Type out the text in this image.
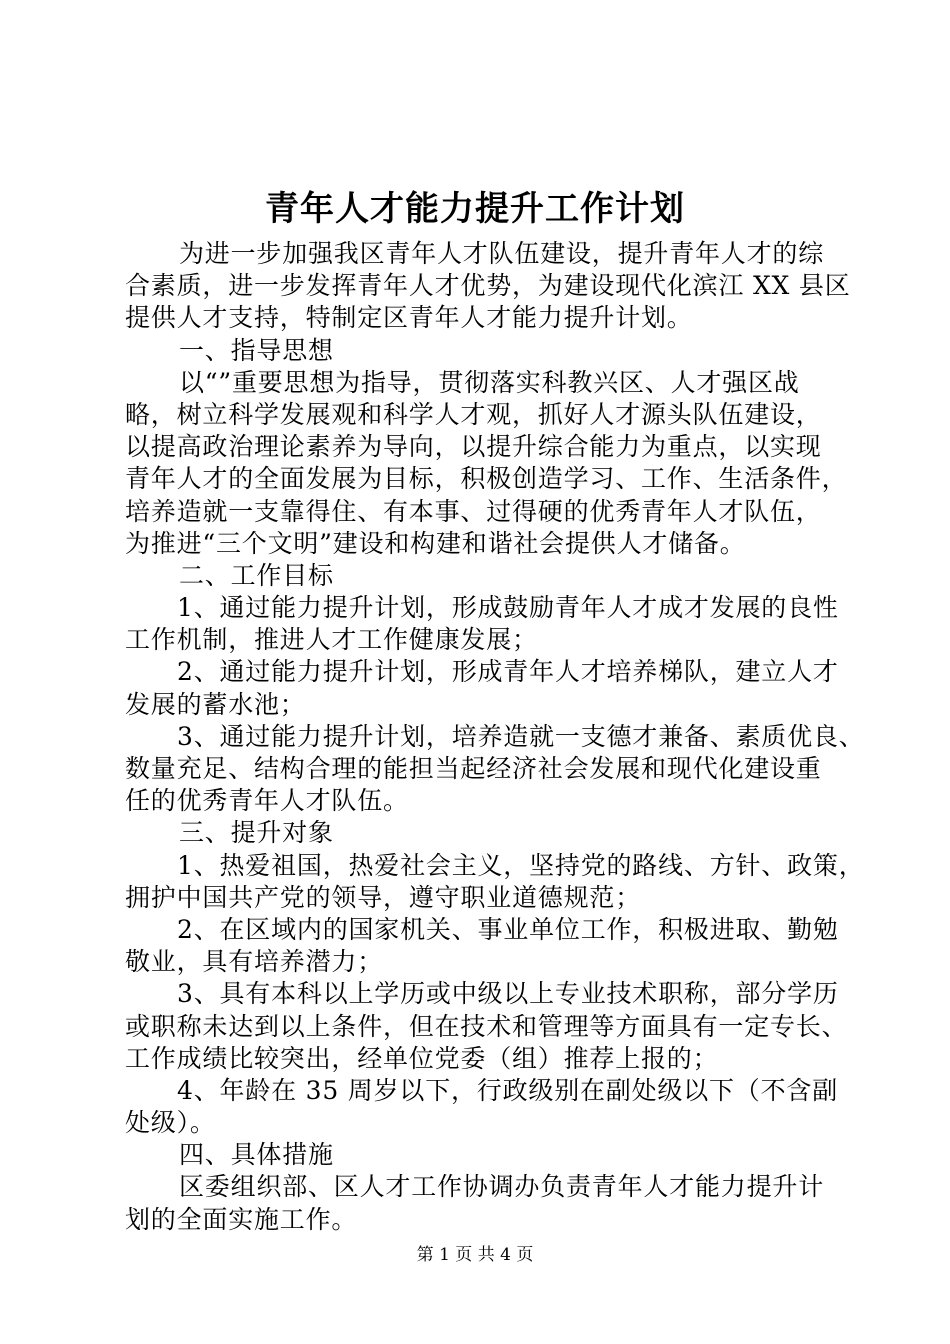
青年人才能力提升工作计划
为进一步加强我区青年人才队伍建设，提升青年人才的综
合素质，进一步发挥青年人才优势，为建设现代化滨江 XX 县区
提供人才支持，特制定区青年人才能力提升计划。
一、指导思想
以“”重要思想为指导，贯彻落实科教兴区、人才强区战
略，树立科学发展观和科学人才观，抓好人才源头队伍建设，
以提高政治理论素养为导向，以提升综合能力为重点，以实现
青年人才的全面发展为目标，积极创造学习、工作、生活条件，
培养造就一支靠得住、有本事、过得硬的优秀青年人才队伍，
为推进“三个文明”建设和构建和谐社会提供人才储备。
二、工作目标
1、通过能力提升计划，形成鼓励青年人才成才发展的良性
工作机制，推进人才工作健康发展；
2、通过能力提升计划，形成青年人才培养梯队，建立人才
发展的蓄水池；
3、通过能力提升计划，培养造就一支德才兼备、素质优良、
数量充足、结构合理的能担当起经济社会发展和现代化建设重
任的优秀青年人才队伍。
三、提升对象
1、热爱祖国，热爱社会主义，坚持党的路线、方针、政策，
拥护中国共产党的领导，遵守职业道德规范；
2、在区域内的国家机关、事业单位工作，积极进取、勤勉
敬业，具有培养潜力；
3、具有本科以上学历或中级以上专业技术职称，部分学历
或职称未达到以上条件，但在技术和管理等方面具有一定专长、
工作成绩比较突出，经单位党委（组）推荐上报的；
4、年龄在 35 周岁以下，行政级别在副处级以下（不含副
处级）。
四、具体措施
区委组织部、区人才工作协调办负责青年人才能力提升计
划的全面实施工作。
第 1 页 共 4 页
